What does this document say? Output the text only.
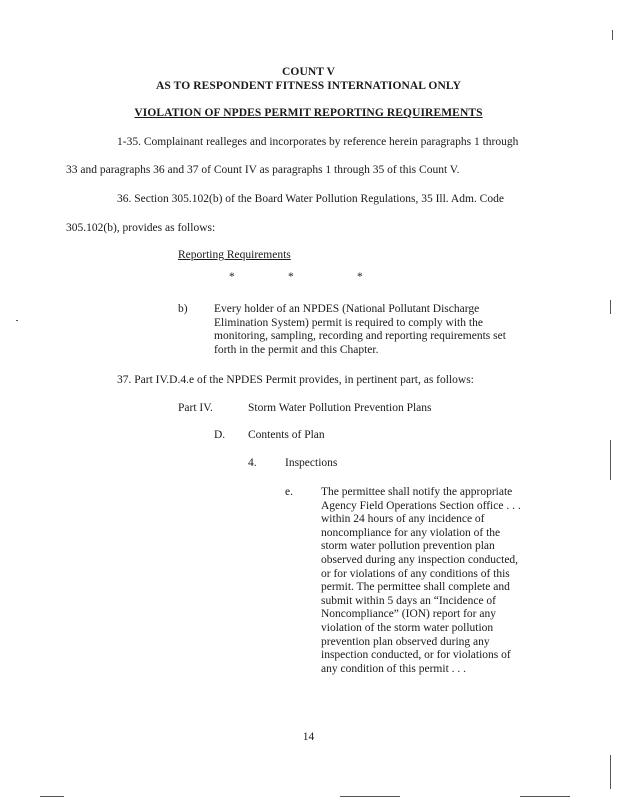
COUNT V
AS TO RESPONDENT FITNESS INTERNATIONAL ONLY
VIOLATION OF NPDES PERMIT REPORTING REQUIREMENTS
1-35. Complainant realleges and incorporates by reference herein paragraphs 1 through
33 and paragraphs 36 and 37 of Count IV as paragraphs 1 through 35 of this Count V.
36. Section 305.102(b) of the Board Water Pollution Regulations, 35 Ill. Adm. Code
305.102(b), provides as follows:
Reporting Requirements
*	*	*
b) Every holder of an NPDES (National Pollutant Discharge
Elimination System) permit is required to comply with the
monitoring, sampling, recording and reporting requirements set
forth in the permit and this Chapter.
37. Part IV.D.4.e of the NPDES Permit provides, in pertinent part, as follows:
Part IV.	Storm Water Pollution Prevention Plans
D. Contents of Plan
4. Inspections
e. The permittee shall notify the appropriate
Agency Field Operations Section office . . .
within 24 hours of any incidence of
noncompliance for any violation of the
storm water pollution prevention plan
observed during any inspection conducted,
or for violations of any conditions of this
permit. The permittee shall complete and
submit within 5 days an “Incidence of
Noncompliance” (ION) report for any
violation of the storm water pollution
prevention plan observed during any
inspection conducted, or for violations of
any condition of this permit . . .
14
